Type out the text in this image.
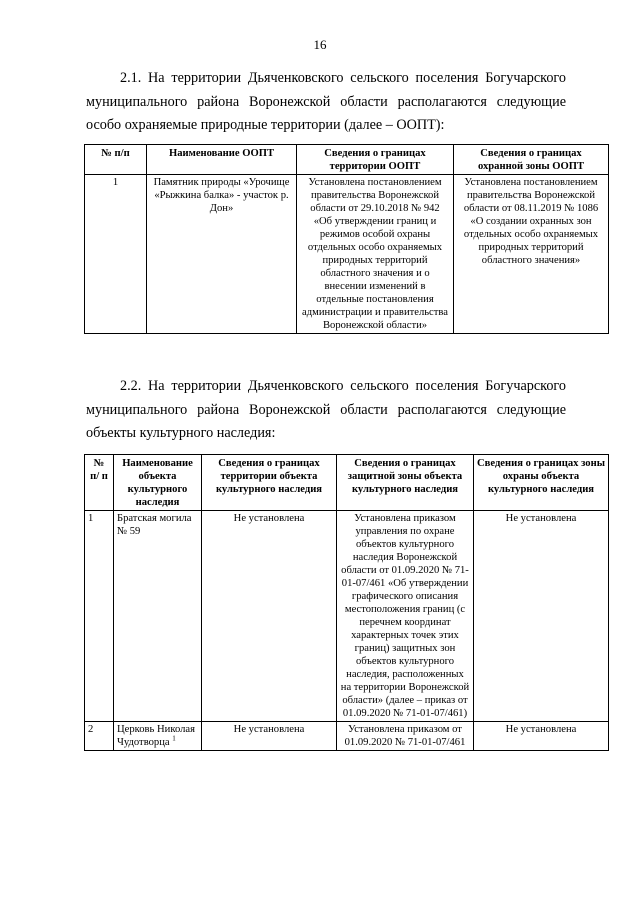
16

2.1. На территории Дьяченковского сельского поселения Богучарского муниципального района Воронежской области располагаются следующие особо охраняемые природные территории (далее – ООПТ):

№ п/п	Наименование ООПТ	Сведения о границах территории ООПТ	Сведения о границах охранной зоны ООПТ
1	Памятник природы «Урочище «Рыжкина балка» - участок р. Дон»	Установлена постановлением правительства Воронежской области от 29.10.2018 № 942 «Об утверждении границ и режимов особой охраны отдельных особо охраняемых природных территорий областного значения и о внесении изменений в отдельные постановления администрации и правительства Воронежской области»	Установлена постановлением правительства Воронежской области от 08.11.2019 № 1086 «О создании охранных зон отдельных особо охраняемых природных территорий областного значения»

2.2. На территории Дьяченковского сельского поселения Богучарского муниципального района Воронежской области располагаются следующие объекты культурного наследия:

№ п/ п	Наименование объекта культурного наследия	Сведения о границах территории объекта культурного наследия	Сведения о границах защитной зоны объекта культурного наследия	Сведения о границах зоны охраны объекта культурного наследия
1	Братская могила № 59	Не установлена	Установлена приказом управления по охране объектов культурного наследия Воронежской области от 01.09.2020 № 71-01-07/461 «Об утверждении графического описания местоположения границ (с перечнем координат характерных точек этих границ) защитных зон объектов культурного наследия, расположенных на территории Воронежской области» (далее – приказ от 01.09.2020 № 71-01-07/461)	Не установлена
2	Церковь Николая Чудотворца $^1$	Не установлена	Установлена приказом от 01.09.2020 № 71-01-07/461	Не установлена
